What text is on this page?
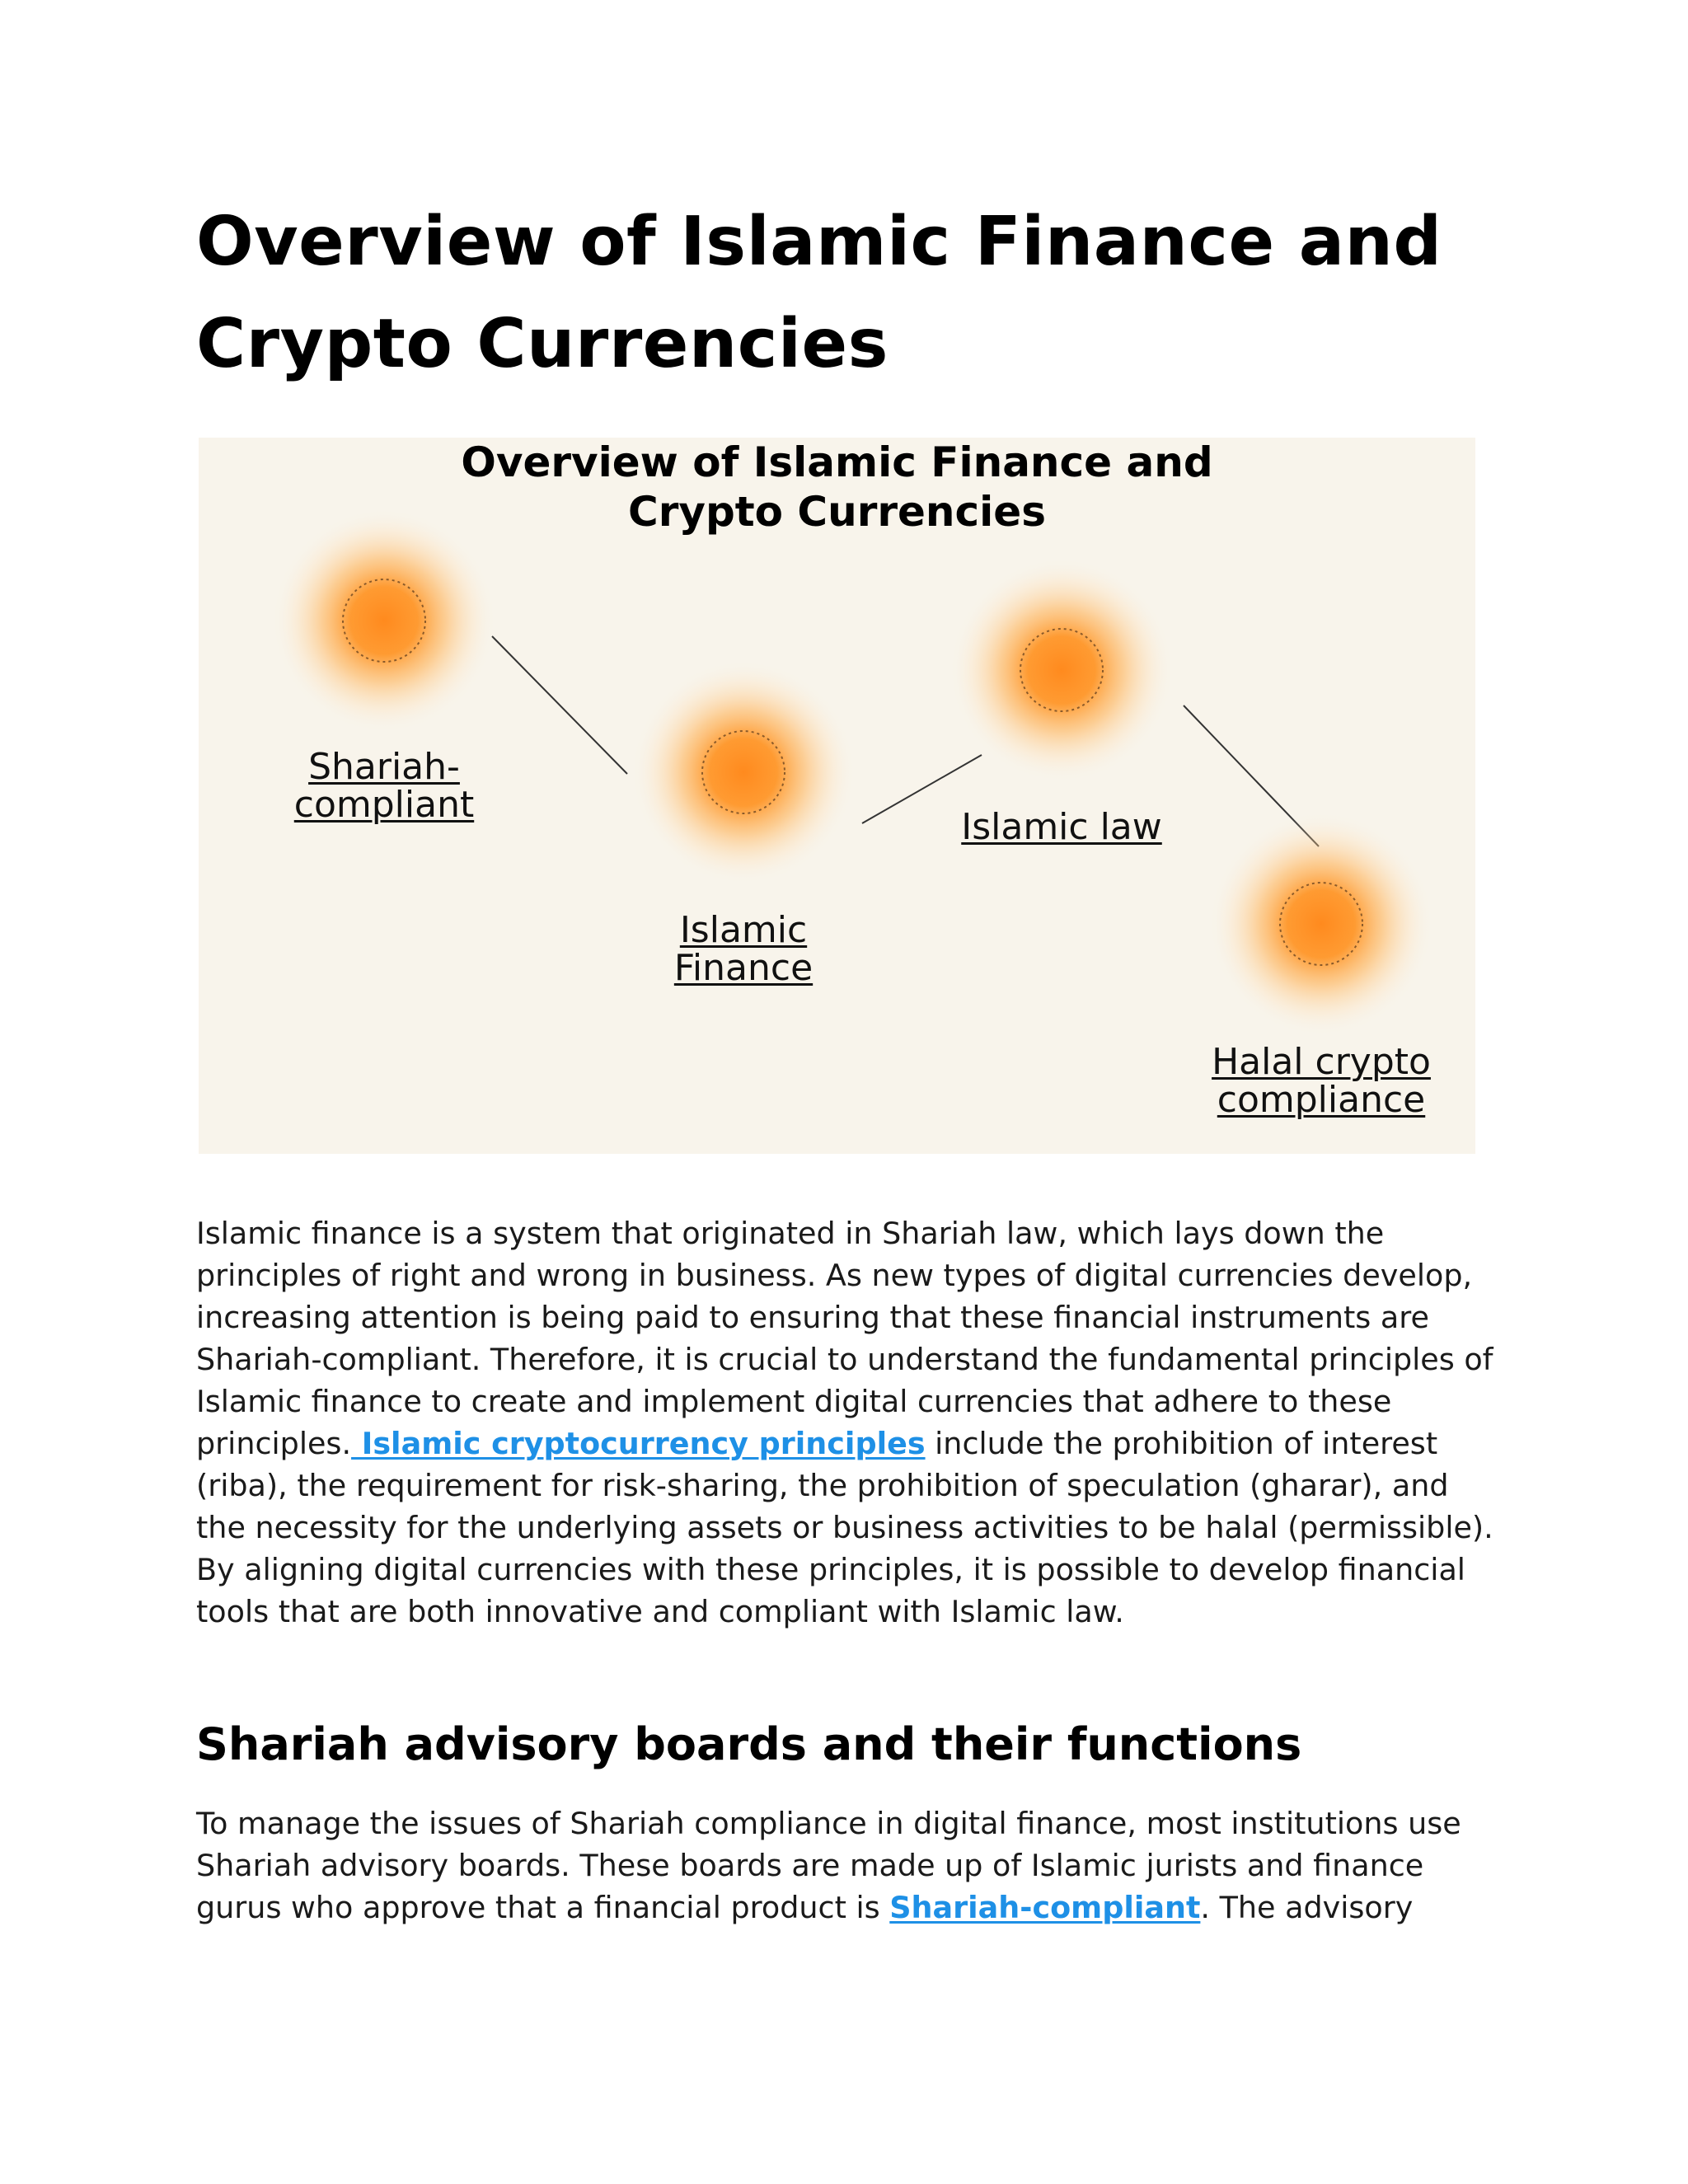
Overview of Islamic Finance and Crypto Currencies
Overview of Islamic Finance and
Crypto Currencies
Shariah-
compliant
Islamic
Finance
Islamic law
Halal crypto
compliance

Islamic finance is a system that originated in Shariah law, which lays down the principles of right and wrong in business. As new types of digital currencies develop, increasing attention is being paid to ensuring that these financial instruments are Shariah-compliant. Therefore, it is crucial to understand the fundamental principles of Islamic finance to create and implement digital currencies that adhere to these principles. Islamic cryptocurrency principles include the prohibition of interest (riba), the requirement for risk-sharing, the prohibition of speculation (gharar), and the necessity for the underlying assets or business activities to be halal (permissible). By aligning digital currencies with these principles, it is possible to develop financial tools that are both innovative and compliant with Islamic law.

Shariah advisory boards and their functions

To manage the issues of Shariah compliance in digital finance, most institutions use Shariah advisory boards. These boards are made up of Islamic jurists and finance gurus who approve that a financial product is Shariah-compliant. The advisory
